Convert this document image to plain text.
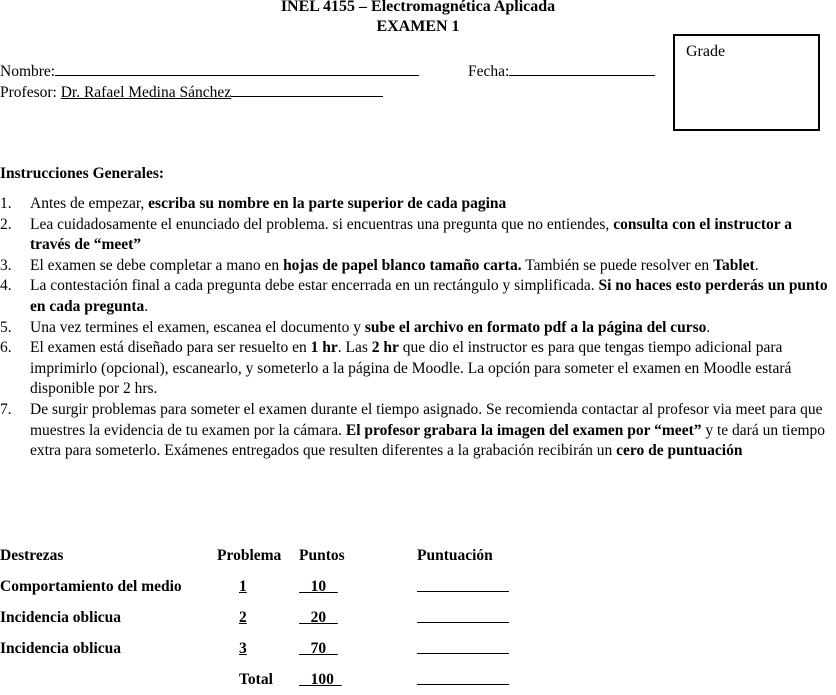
INEL 4155 – Electromagnética Aplicada
EXAMEN 1
Nombre:	Fecha:
Profesor: Dr. Rafael Medina Sánchez
Grade
Instrucciones Generales:
1. Antes de empezar, escriba su nombre en la parte superior de cada pagina
2. Lea cuidadosamente el enunciado del problema. si encuentras una pregunta que no entiendes, consulta con el instructor a través de “meet”
3. El examen se debe completar a mano en hojas de papel blanco tamaño carta. También se puede resolver en Tablet.
4. La contestación final a cada pregunta debe estar encerrada en un rectángulo y simplificada. Si no haces esto perderás un punto en cada pregunta.
5. Una vez termines el examen, escanea el documento y sube el archivo en formato pdf a la página del curso.
6. El examen está diseñado para ser resuelto en 1 hr. Las 2 hr que dio el instructor es para que tengas tiempo adicional para imprimirlo (opcional), escanearlo, y someterlo a la página de Moodle. La opción para someter el examen en Moodle estará disponible por 2 hrs.
7. De surgir problemas para someter el examen durante el tiempo asignado. Se recomienda contactar al profesor via meet para que muestres la evidencia de tu examen por la cámara. El profesor grabara la imagen del examen por “meet” y te dará un tiempo extra para someterlo. Exámenes entregados que resulten diferentes a la grabación recibirán un cero de puntuación
Destrezas	Problema	Puntos	Puntuación
Comportamiento del medio	1	10	
Incidencia oblicua	2	20	
Incidencia oblicua	3	70	
	Total	100	
